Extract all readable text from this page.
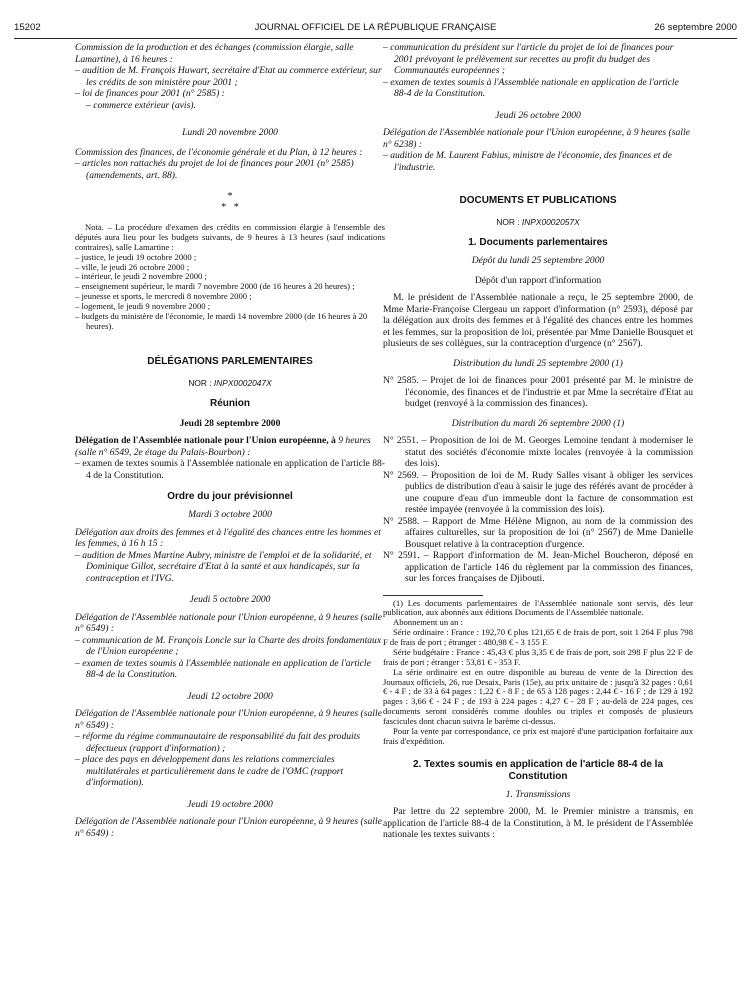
15202	JOURNAL OFFICIEL DE LA RÉPUBLIQUE FRANÇAISE	26 septembre 2000

Commission de la production et des échanges (commission élargie, salle Lamartine), à 16 heures :

– audition de M. François Huwart, secrétaire d'Etat au commerce extérieur, sur les crédits de son ministère pour 2001 ;

– loi de finances pour 2001 (n° 2585) :

– commerce extérieur (avis).

Lundi 20 novembre 2000

Commission des finances, de l'économie générale et du Plan, à 12 heures :

– articles non rattachés du projet de loi de finances pour 2001 (n° 2585) (amendements, art. 88).

*
*   *

Nota. – La procédure d'examen des crédits en commission élargie à l'ensemble des députés aura lieu pour les budgets suivants, de 9 heures à 13 heures (sauf indications contraires), salle Lamartine :

– justice, le jeudi 19 octobre 2000 ;

– ville, le jeudi 26 octobre 2000 ;

– intérieur, le jeudi 2 novembre 2000 ;

– enseignement supérieur, le mardi 7 novembre 2000 (de 16 heures à 20 heures) ;

– jeunesse et sports, le mercredi 8 novembre 2000 ;

– logement, le jeudi 9 novembre 2000 ;

– budgets du ministère de l'économie, le mardi 14 novembre 2000 (de 16 heures à 20 heures).

DÉLÉGATIONS PARLEMENTAIRES

NOR : INPX0002047X

Réunion

Jeudi 28 septembre 2000

Délégation de l'Assemblée nationale pour l'Union européenne, à 9 heures (salle n° 6549, 2e étage du Palais-Bourbon) :

– examen de textes soumis à l'Assemblée nationale en application de l'article 88-4 de la Constitution.

Ordre du jour prévisionnel

Mardi 3 octobre 2000

Délégation aux droits des femmes et à l'égalité des chances entre les hommes et les femmes, à 16 h 15 :

– audition de Mmes Martine Aubry, ministre de l'emploi et de la solidarité, et Dominique Gillot, secrétaire d'Etat à la santé et aux handicapés, sur la contraception et l'IVG.

Jeudi 5 octobre 2000

Délégation de l'Assemblée nationale pour l'Union européenne, à 9 heures (salle n° 6549) :

– communication de M. François Loncle sur la Charte des droits fondamentaux de l'Union européenne ;

– examen de textes soumis à l'Assemblée nationale en application de l'article 88-4 de la Constitution.

Jeudi 12 octobre 2000

Délégation de l'Assemblée nationale pour l'Union européenne, à 9 heures (salle n° 6549) :

– réforme du régime communautaire de responsabilité du fait des produits défectueux (rapport d'information) ;

– place des pays en développement dans les relations commerciales multilatérales et particulièrement dans le cadre de l'OMC (rapport d'information).

Jeudi 19 octobre 2000

Délégation de l'Assemblée nationale pour l'Union européenne, à 9 heures (salle n° 6549) :

– communication du président sur l'article du projet de loi de finances pour 2001 prévoyant le prélèvement sur recettes au profit du budget des Communautés européennes ;

– examen de textes soumis à l'Assemblée nationale en application de l'article 88-4 de la Constitution.

Jeudi 26 octobre 2000

Délégation de l'Assemblée nationale pour l'Union européenne, à 9 heures (salle n° 6238) :

– audition de M. Laurent Fabius, ministre de l'économie, des finances et de l'industrie.

DOCUMENTS ET PUBLICATIONS

NOR : INPX0002057X

1. Documents parlementaires

Dépôt du lundi 25 septembre 2000

Dépôt d'un rapport d'information

M. le président de l'Assemblée nationale a reçu, le 25 septembre 2000, de Mme Marie-Françoise Clergeau un rapport d'information (n° 2593), déposé par la délégation aux droits des femmes et à l'égalité des chances entre les hommes et les femmes, sur la proposition de loi, présentée par Mme Danielle Bousquet et plusieurs de ses collègues, sur la contraception d'urgence (n° 2567).

Distribution du lundi 25 septembre 2000 (1)

N° 2585. – Projet de loi de finances pour 2001 présenté par M. le ministre de l'économie, des finances et de l'industrie et par Mme la secrétaire d'Etat au budget (renvoyé à la commission des finances).

Distribution du mardi 26 septembre 2000 (1)

N° 2551. – Proposition de loi de M. Georges Lemoine tendant à moderniser le statut des sociétés d'économie mixte locales (renvoyée à la commission des lois).

N° 2569. – Proposition de loi de M. Rudy Salles visant à obliger les services publics de distribution d'eau à saisir le juge des référés avant de procéder à une coupure d'eau d'un immeuble dont la facture de consommation est restée impayée (renvoyée à la commission des lois).

N° 2588. – Rapport de Mme Hélène Mignon, au nom de la commission des affaires culturelles, sur la proposition de loi (n° 2567) de Mme Danielle Bousquet relative à la contraception d'urgence.

N° 2591. – Rapport d'information de M. Jean-Michel Boucheron, déposé en application de l'article 146 du règlement par la commission des finances, sur les forces françaises de Djibouti.

(1) Les documents parlementaires de l'Assemblée nationale sont servis, dès leur publication, aux abonnés aux éditions Documents de l'Assemblée nationale.

Abonnement un an :

Série ordinaire : France : 192,70 € plus 121,65 € de frais de port, soit 1 264 F plus 798 F de frais de port ; étranger : 480,98 € - 3 155 F.

Série budgétaire : France : 45,43 € plus 3,35 € de frais de port, soit 298 F plus 22 F de frais de port ; étranger : 53,81 € - 353 F.

La série ordinaire est en outre disponible au bureau de vente de la Direction des Journaux officiels, 26, rue Desaix, Paris (15e), au prix unitaire de : jusqu'à 32 pages : 0,61 € - 4 F ; de 33 à 64 pages : 1,22 € - 8 F ; de 65 à 128 pages : 2,44 € - 16 F ; de 129 à 192 pages : 3,66 € - 24 F ; de 193 à 224 pages : 4,27 € - 28 F ; au-delà de 224 pages, ces documents seront considérés comme doubles ou triples et composés de plusieurs fascicules dont chacun suivra le barème ci-dessus.

Pour la vente par correspondance, ce prix est majoré d'une participation forfaitaire aux frais d'expédition.

2. Textes soumis en application de l'article 88-4 de la Constitution

1. Transmissions

Par lettre du 22 septembre 2000, M. le Premier ministre a transmis, en application de l'article 88-4 de la Constitution, à M. le président de l'Assemblée nationale les textes suivants :
